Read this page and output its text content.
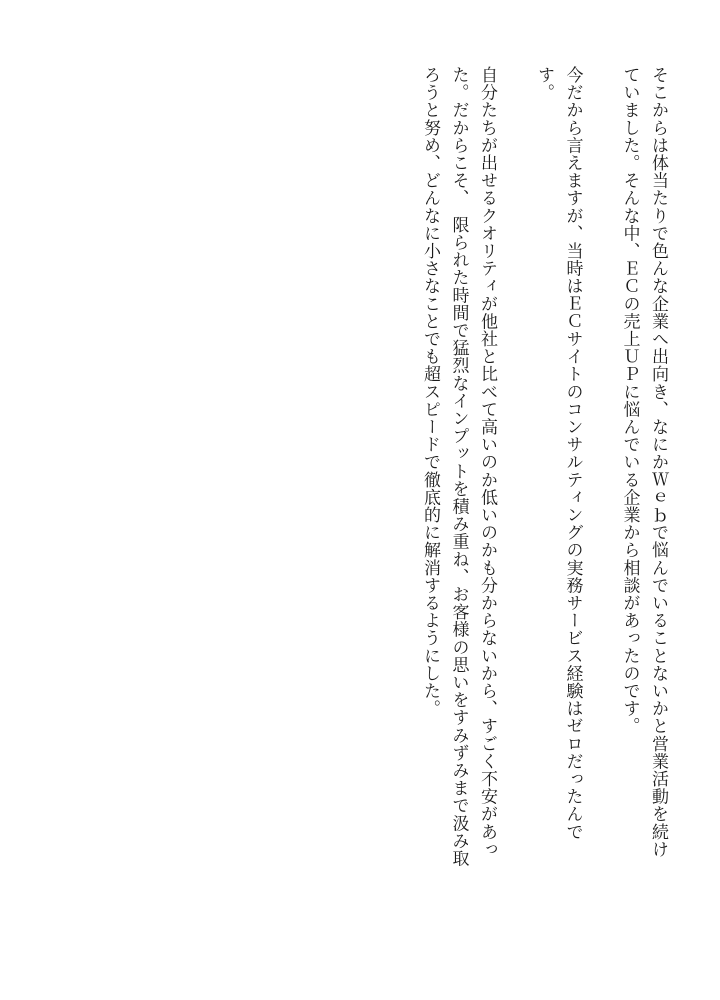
そこからは体当たりで色んな企業へ出向き、なにかＷｅｂで悩んでいることないかと営業活動を続け
ていました。そんな中、ＥＣの売上ＵＰに悩んでいる企業から相談があったのです。

今だから言えますが、当時はＥＣサイトのコンサルティングの実務サービス経験はゼロだったんで
す。

自分たちが出せるクオリティが他社と比べて高いのか低いのかも分からないから、すごく不安があっ
た。だからこそ、　限られた時間で猛烈なインプットを積み重ね、お客様の思いをすみずみまで汲み取
ろうと努め、どんなに小さなことでも超スピードで徹底的に解消するようにした。
